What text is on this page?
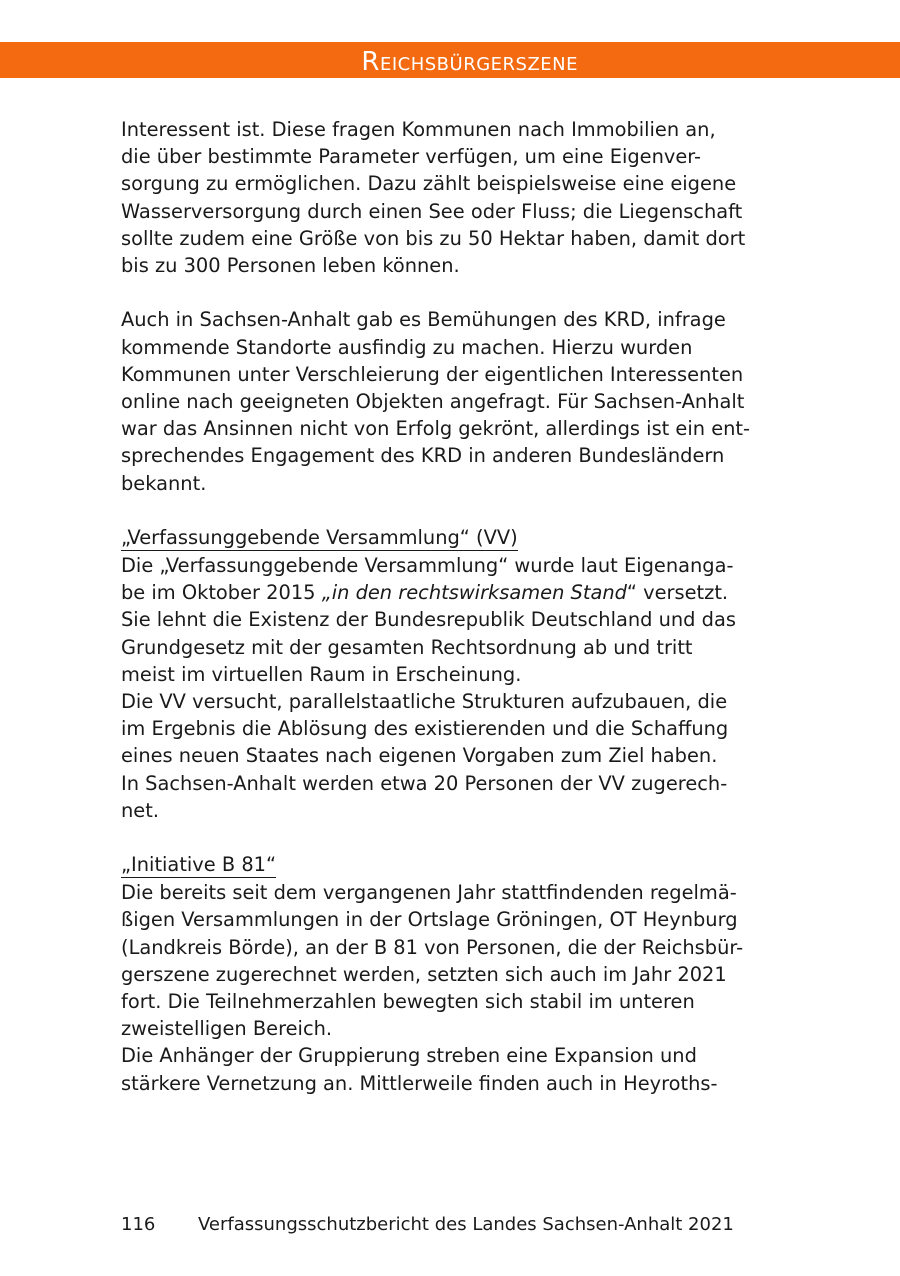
Reichsbürgerszene
Interessent ist. Diese fragen Kommunen nach Immobilien an,
die über bestimmte Parameter verfügen, um eine Eigenver-
sorgung zu ermöglichen. Dazu zählt beispielsweise eine eigene
Wasserversorgung durch einen See oder Fluss; die Liegenschaft
sollte zudem eine Größe von bis zu 50 Hektar haben, damit dort
bis zu 300 Personen leben können.
Auch in Sachsen-Anhalt gab es Bemühungen des KRD, infrage
kommende Standorte ausfindig zu machen. Hierzu wurden
Kommunen unter Verschleierung der eigentlichen Interessenten
online nach geeigneten Objekten angefragt. Für Sachsen-Anhalt
war das Ansinnen nicht von Erfolg gekrönt, allerdings ist ein ent-
sprechendes Engagement des KRD in anderen Bundesländern
bekannt.
„Verfassunggebende Versammlung“ (VV)
Die „Verfassunggebende Versammlung“ wurde laut Eigenanga-
be im Oktober 2015 „in den rechtswirksamen Stand“ versetzt.
Sie lehnt die Existenz der Bundesrepublik Deutschland und das
Grundgesetz mit der gesamten Rechtsordnung ab und tritt
meist im virtuellen Raum in Erscheinung.
Die VV versucht, parallelstaatliche Strukturen aufzubauen, die
im Ergebnis die Ablösung des existierenden und die Schaffung
eines neuen Staates nach eigenen Vorgaben zum Ziel haben.
In Sachsen-Anhalt werden etwa 20 Personen der VV zugerech-
net.
„Initiative B 81“
Die bereits seit dem vergangenen Jahr stattfindenden regelmä-
ßigen Versammlungen in der Ortslage Gröningen, OT Heynburg
(Landkreis Börde), an der B 81 von Personen, die der Reichsbür-
gerszene zugerechnet werden, setzten sich auch im Jahr 2021
fort. Die Teilnehmerzahlen bewegten sich stabil im unteren
zweistelligen Bereich.
Die Anhänger der Gruppierung streben eine Expansion und
stärkere Vernetzung an. Mittlerweile finden auch in Heyroths-
116 Verfassungsschutzbericht des Landes Sachsen-Anhalt 2021
